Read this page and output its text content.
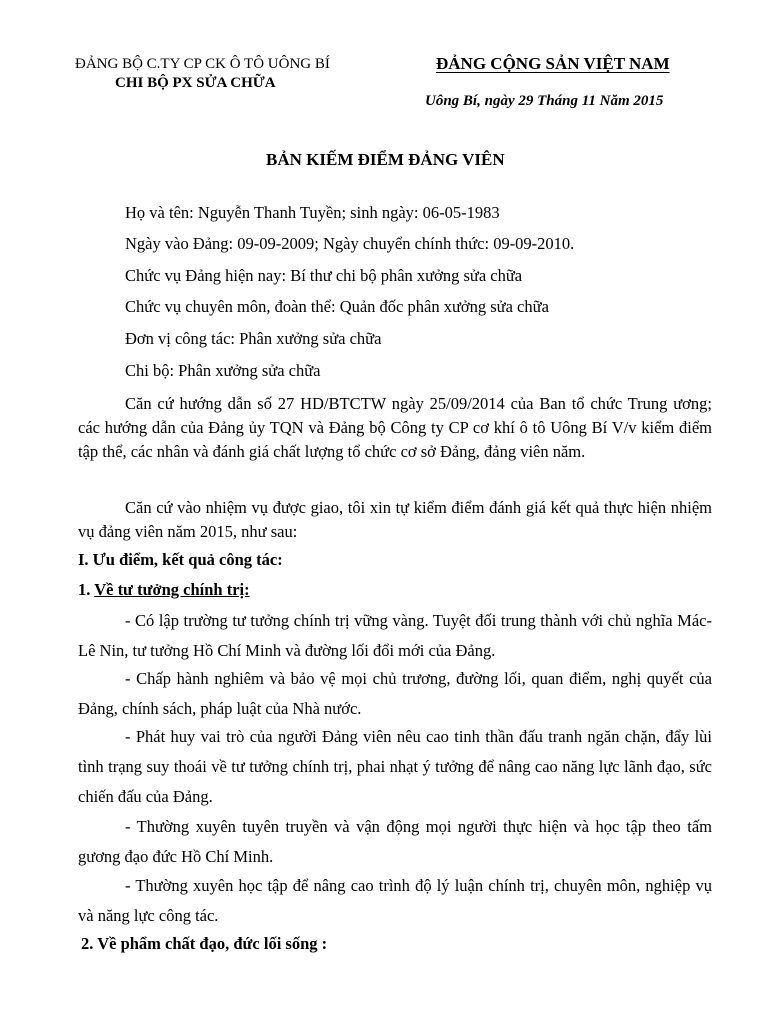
ĐẢNG BỘ C.TY CP CK Ô TÔ UÔNG BÍ
CHI BỘ PX SỬA CHỮA
ĐẢNG CỘNG SẢN VIỆT NAM
Uông Bí, ngày 29 Tháng 11 Năm 2015
BẢN KIẾM ĐIỂM ĐẢNG VIÊN
Họ và tên: Nguyễn Thanh Tuyền; sinh ngày: 06-05-1983
Ngày vào Đảng: 09-09-2009; Ngày chuyển chính thức: 09-09-2010.
Chức vụ Đảng hiện nay: Bí thư chi bộ phân xưởng sửa chữa
Chức vụ chuyên môn, đoàn thể: Quản đốc phân xưởng sửa chữa
Đơn vị công tác: Phân xưởng sửa chữa
Chi bộ: Phân xưởng sửa chữa
Căn cứ hướng dẫn số 27 HD/BTCTW ngày 25/09/2014 của Ban tổ chức Trung ương; các hướng dẫn của Đảng ủy TQN và Đảng bộ Công ty CP cơ khí ô tô Uông Bí V/v kiểm điểm tập thể, các nhân và đánh giá chất lượng tổ chức cơ sở Đảng, đảng viên năm.
Căn cứ vào nhiệm vụ được giao, tôi xin tự kiểm điểm đánh giá kết quả thực hiện nhiệm vụ đảng viên năm 2015, như sau:
I. Ưu điểm, kết quả công tác:
1. Về tư tưởng chính trị:
- Có lập trường tư tưởng chính trị vững vàng. Tuyệt đối trung thành với chủ nghĩa Mác-Lê Nin, tư tưởng Hồ Chí Minh và đường lối đổi mới của Đảng.
- Chấp hành nghiêm và bảo vệ mọi chủ trương, đường lối, quan điểm, nghị quyết của Đảng, chính sách, pháp luật của Nhà nước.
- Phát huy vai trò của người Đảng viên nêu cao tinh thần đấu tranh ngăn chặn, đẩy lùi tình trạng suy thoái về tư tưởng chính trị, phai nhạt ý tưởng để nâng cao năng lực lãnh đạo, sức chiến đấu của Đảng.
- Thường xuyên tuyên truyền và vận động mọi người thực hiện và học tập theo tấm gương đạo đức Hồ Chí Minh.
- Thường xuyên học tập để nâng cao trình độ lý luận chính trị, chuyên môn, nghiệp vụ và năng lực công tác.
2. Về phẩm chất đạo, đức lối sống :
